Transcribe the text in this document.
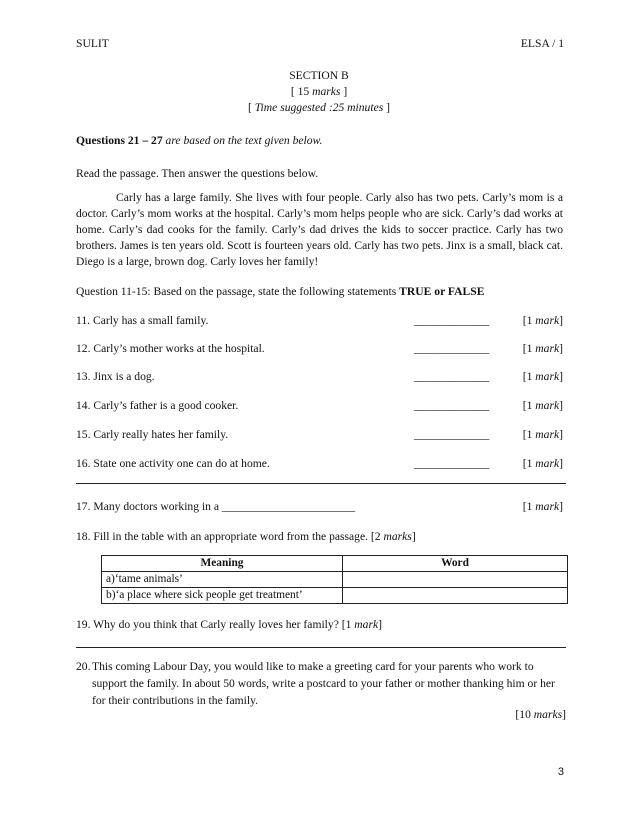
SULIT	ELSA / 1
SECTION B
[ 15 marks ]
[ Time suggested :25 minutes ]
Questions 21 – 27 are based on the text given below.
Read the passage. Then answer the questions below.

Carly has a large family. She lives with four people. Carly also has two pets. Carly’s mom is a doctor. Carly’s mom works at the hospital. Carly’s mom helps people who are sick. Carly’s dad works at home. Carly’s dad cooks for the family. Carly’s dad drives the kids to soccer practice. Carly has two brothers. James is ten years old. Scott is fourteen years old. Carly has two pets. Jinx is a small, black cat. Diego is a large, brown dog. Carly loves her family!

Question 11-15: Based on the passage, state the following statements TRUE or FALSE
11. Carly has a small family.	_____________	[1 mark]
12. Carly’s mother works at the hospital.	_____________	[1 mark]
13. Jinx is a dog.	_____________	[1 mark]
14. Carly’s father is a good cooker.	_____________	[1 mark]
15. Carly really hates her family.	_____________	[1 mark]
16. State one activity one can do at home.	_____________	[1 mark]
17. Many doctors working in a _______________________	[1 mark]
18. Fill in the table with an appropriate word from the passage. [2 marks]
Meaning	Word
a)‘tame animals’	
b)‘a place where sick people get treatment’	
19. Why do you think that Carly really loves her family? [1 mark]
20. This coming Labour Day, you would like to make a greeting card for your parents who work to support the family. In about 50 words, write a postcard to your father or mother thanking him or her for their contributions in the family.
[10 marks]
3
